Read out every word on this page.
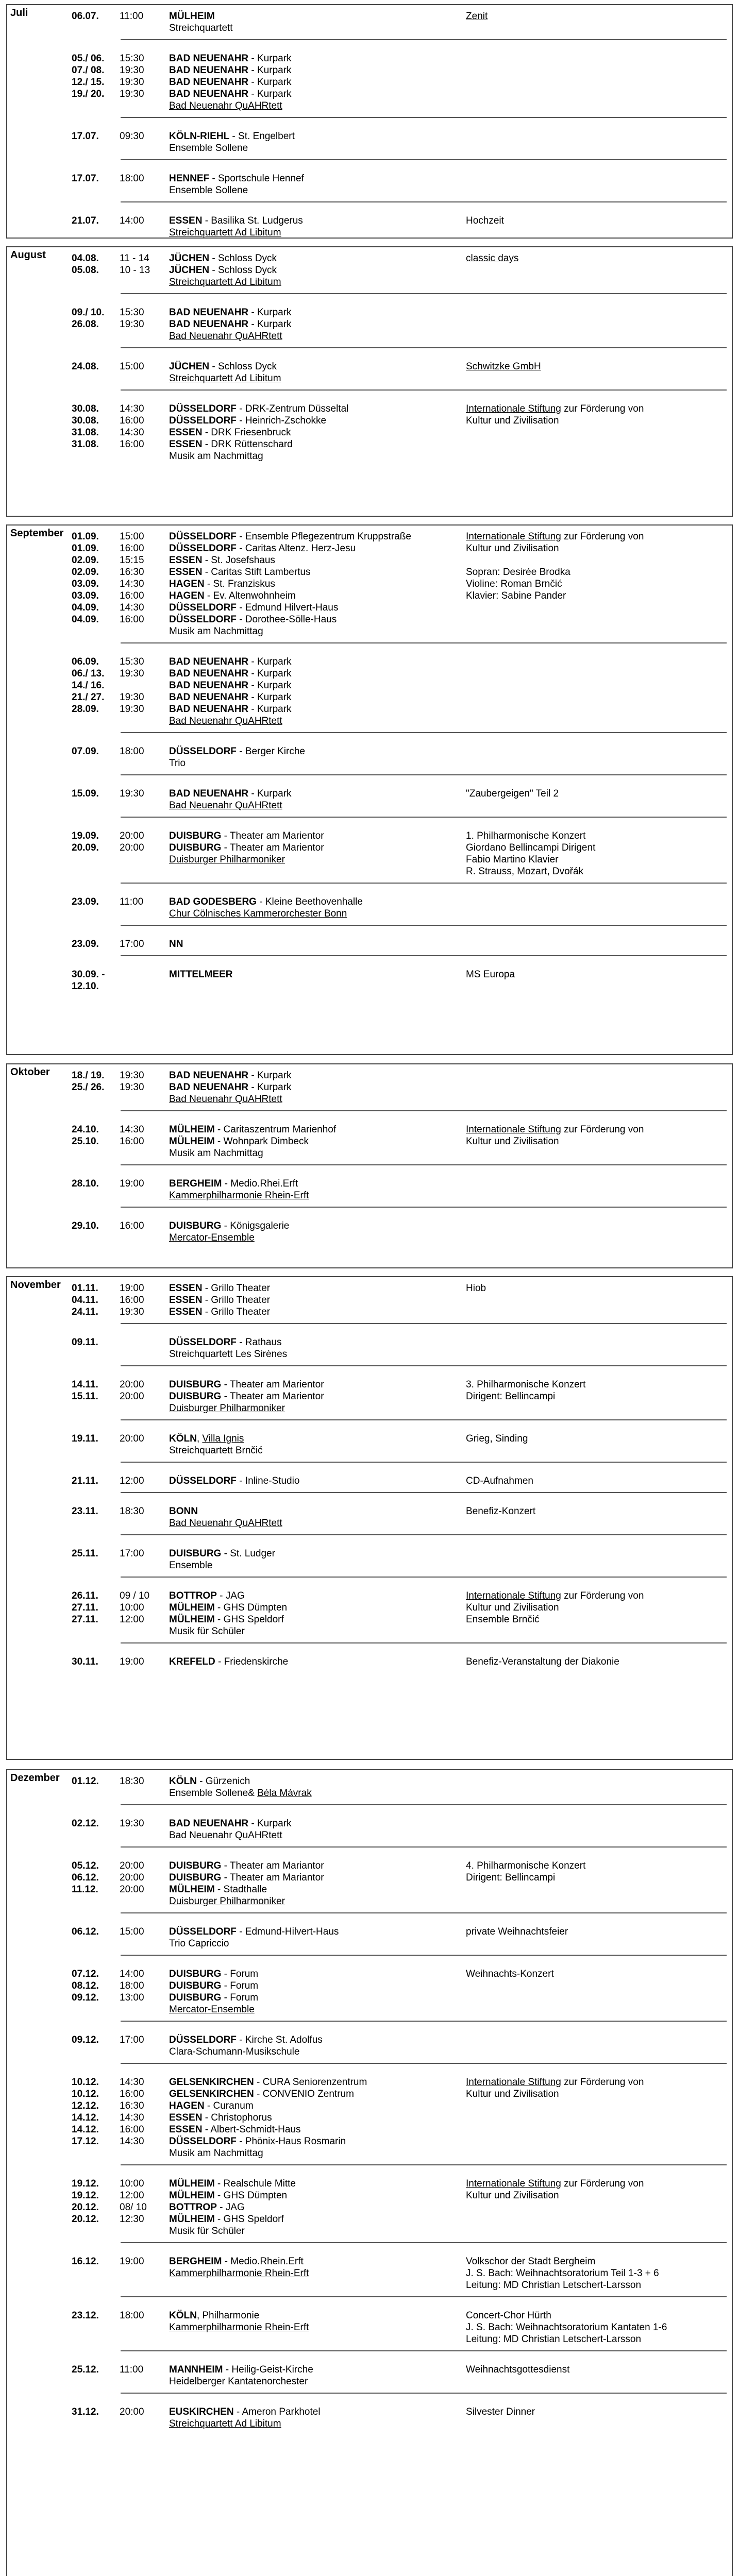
Juli	06.07. 11:00	MÜLHEIM	Zenit
Streichquartett
05./ 06. 15:30	BAD NEUENAHR - Kurpark
07./ 08. 19:30	BAD NEUENAHR - Kurpark
12./ 15. 19:30	BAD NEUENAHR - Kurpark
19./ 20. 19:30	BAD NEUENAHR - Kurpark
Bad Neuenahr QuAHRtett
17.07. 09:30	KÖLN-RIEHL - St. Engelbert
Ensemble Sollene
17.07. 18:00	HENNEF - Sportschule Hennef
Ensemble Sollene
21.07. 14:00	ESSEN - Basilika St. Ludgerus	Hochzeit
Streichquartett Ad Libitum
August	04.08. 11 - 14 JÜCHEN - Schloss Dyck	classic days
05.08. 10 - 13 JÜCHEN - Schloss Dyck
Streichquartett Ad Libitum
09./ 10. 15:30	BAD NEUENAHR - Kurpark
26.08. 19:30	BAD NEUENAHR - Kurpark
Bad Neuenahr QuAHRtett
24.08. 15:00	JÜCHEN - Schloss Dyck	Schwitzke GmbH
Streichquartett Ad Libitum
30.08. 14:30	DÜSSELDORF - DRK-Zentrum Düsseltal	Internationale Stiftung zur Förderung von
30.08. 16:00	DÜSSELDORF - Heinrich-Zschokke	Kultur und Zivilisation
31.08. 14:30	ESSEN - DRK Friesenbruck
31.08. 16:00	ESSEN - DRK Rüttenschard
Musik am Nachmittag
September 01.09. 15:00	DÜSSELDORF - Ensemble Pflegezentrum Kruppstraße	Internationale Stiftung zur Förderung von
01.09. 16:00	DÜSSELDORF - Caritas Altenz. Herz-Jesu	Kultur und Zivilisation
02.09. 15:15	ESSEN - St. Josefshaus
02.09. 16:30	ESSEN - Caritas Stift Lambertus	Sopran: Desirée Brodka
03.09. 14:30	HAGEN - St. Franziskus	Violine: Roman Brnčić
03.09. 16:00	HAGEN - Ev. Altenwohnheim	Klavier: Sabine Pander
04.09. 14:30	DÜSSELDORF - Edmund Hilvert-Haus
04.09. 16:00	DÜSSELDORF - Dorothee-Sölle-Haus
Musik am Nachmittag
06.09. 15:30	BAD NEUENAHR - Kurpark
06./ 13. 19:30	BAD NEUENAHR - Kurpark
14./ 16.	BAD NEUENAHR - Kurpark
21./ 27. 19:30	BAD NEUENAHR - Kurpark
28.09. 19:30	BAD NEUENAHR - Kurpark
Bad Neuenahr QuAHRtett
07.09. 18:00	DÜSSELDORF - Berger Kirche
Trio
15.09. 19:30	BAD NEUENAHR - Kurpark	"Zaubergeigen" Teil 2
Bad Neuenahr QuAHRtett
19.09. 20:00	DUISBURG - Theater am Marientor	1. Philharmonische Konzert
20.09. 20:00	DUISBURG - Theater am Marientor	Giordano Bellincampi Dirigent
Duisburger Philharmoniker	Fabio Martino Klavier
R. Strauss, Mozart, Dvořák
23.09. 11:00	BAD GODESBERG - Kleine Beethovenhalle
Chur Cölnisches Kammerorchester Bonn
23.09. 17:00	NN
30.09. -	MITTELMEER	MS Europa
12.10.
Oktober 18./ 19. 19:30	BAD NEUENAHR - Kurpark
25./ 26. 19:30	BAD NEUENAHR - Kurpark
Bad Neuenahr QuAHRtett
24.10. 14:30	MÜLHEIM - Caritaszentrum Marienhof	Internationale Stiftung zur Förderung von
25.10. 16:00	MÜLHEIM - Wohnpark Dimbeck	Kultur und Zivilisation
Musik am Nachmittag
28.10. 19:00	BERGHEIM - Medio.Rhei.Erft
Kammerphilharmonie Rhein-Erft
29.10. 16:00	DUISBURG - Königsgalerie
Mercator-Ensemble
November 01.11. 19:00	ESSEN - Grillo Theater	Hiob
04.11. 16:00	ESSEN - Grillo Theater
24.11. 19:30	ESSEN - Grillo Theater
09.11.	DÜSSELDORF - Rathaus
Streichquartett Les Sirènes
14.11. 20:00	DUISBURG - Theater am Marientor	3. Philharmonische Konzert
15.11. 20:00	DUISBURG - Theater am Marientor	Dirigent: Bellincampi
Duisburger Philharmoniker
19.11. 20:00	KÖLN, Villa Ignis	Grieg, Sinding
Streichquartett Brnčić
21.11. 12:00	DÜSSELDORF - Inline-Studio	CD-Aufnahmen
23.11. 18:30	BONN	Benefiz-Konzert
Bad Neuenahr QuAHRtett
25.11. 17:00	DUISBURG - St. Ludger
Ensemble
26.11. 09 / 10 BOTTROP - JAG	Internationale Stiftung zur Förderung von
27.11. 10:00	MÜLHEIM - GHS Dümpten	Kultur und Zivilisation
27.11. 12:00	MÜLHEIM - GHS Speldorf	Ensemble Brnčić
Musik für Schüler
30.11. 19:00	KREFELD - Friedenskirche	Benefiz-Veranstaltung der Diakonie
Dezember 01.12. 18:30	KÖLN - Gürzenich
Ensemble Sollene& Béla Mávrak
02.12. 19:30	BAD NEUENAHR - Kurpark
Bad Neuenahr QuAHRtett
05.12. 20:00	DUISBURG - Theater am Mariantor	4. Philharmonische Konzert
06.12. 20:00	DUISBURG - Theater am Mariantor	Dirigent: Bellincampi
11.12. 20:00	MÜLHEIM - Stadthalle
Duisburger Philharmoniker
06.12. 15:00	DÜSSELDORF - Edmund-Hilvert-Haus	private Weihnachtsfeier
Trio Capriccio
07.12. 14:00	DUISBURG - Forum	Weihnachts-Konzert
08.12. 18:00	DUISBURG - Forum
09.12. 13:00	DUISBURG - Forum
Mercator-Ensemble
09.12. 17:00	DÜSSELDORF - Kirche St. Adolfus
Clara-Schumann-Musikschule
10.12. 14:30	GELSENKIRCHEN - CURA Seniorenzentrum	Internationale Stiftung zur Förderung von
10.12. 16:00	GELSENKIRCHEN - CONVENIO Zentrum	Kultur und Zivilisation
12.12. 16:30	HAGEN - Curanum
14.12. 14:30	ESSEN - Christophorus
14.12. 16:00	ESSEN - Albert-Schmidt-Haus
17.12. 14:30	DÜSSELDORF - Phönix-Haus Rosmarin
Musik am Nachmittag
19.12. 10:00	MÜLHEIM - Realschule Mitte	Internationale Stiftung zur Förderung von
19.12. 12:00	MÜLHEIM - GHS Dümpten	Kultur und Zivilisation
20.12. 08/ 10 BOTTROP - JAG
20.12. 12:30	MÜLHEIM - GHS Speldorf
Musik für Schüler
16.12. 19:00	BERGHEIM - Medio.Rhein.Erft	Volkschor der Stadt Bergheim
Kammerphilharmonie Rhein-Erft	J. S. Bach: Weihnachtsoratorium Teil 1-3 + 6
Leitung: MD Christian Letschert-Larsson
23.12. 18:00	KÖLN, Philharmonie	Concert-Chor Hürth
Kammerphilharmonie Rhein-Erft	J. S. Bach: Weihnachtsoratorium Kantaten 1-6
Leitung: MD Christian Letschert-Larsson
25.12. 11:00	MANNHEIM - Heilig-Geist-Kirche	Weihnachtsgottesdienst
Heidelberger Kantatenorchester
31.12. 20:00	EUSKIRCHEN - Ameron Parkhotel	Silvester Dinner
Streichquartett Ad Libitum
